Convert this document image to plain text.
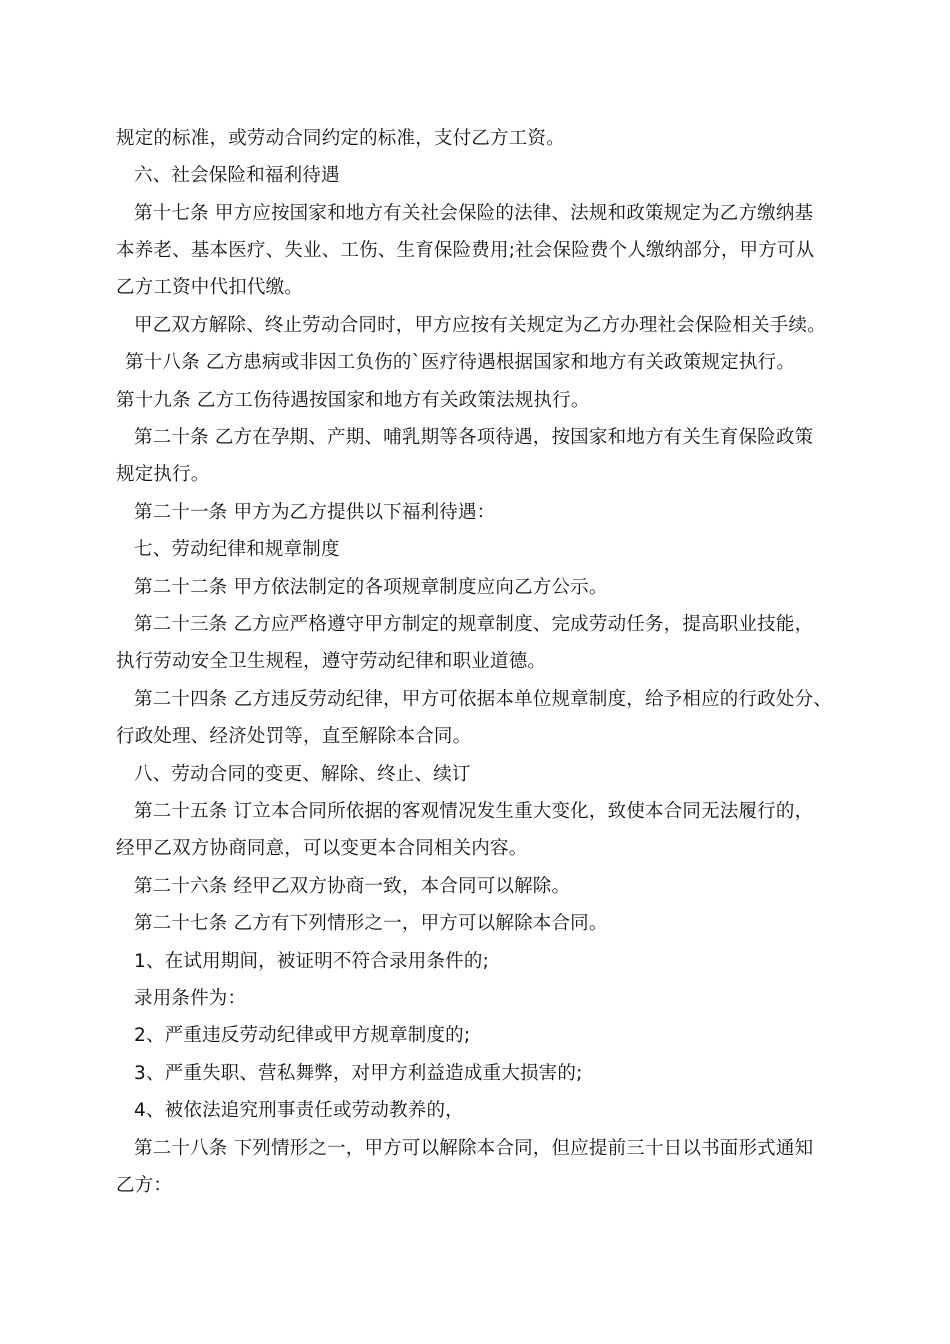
规定的标准，或劳动合同约定的标准，支付乙方工资。
六、社会保险和福利待遇
第十七条 甲方应按国家和地方有关社会保险的法律、法规和政策规定为乙方缴纳基
本养老、基本医疗、失业、工伤、生育保险费用;社会保险费个人缴纳部分，甲方可从
乙方工资中代扣代缴。
甲乙双方解除、终止劳动合同时，甲方应按有关规定为乙方办理社会保险相关手续。
第十八条 乙方患病或非因工负伤的`医疗待遇根据国家和地方有关政策规定执行。
第十九条 乙方工伤待遇按国家和地方有关政策法规执行。
第二十条 乙方在孕期、产期、哺乳期等各项待遇，按国家和地方有关生育保险政策
规定执行。
第二十一条 甲方为乙方提供以下福利待遇：
七、劳动纪律和规章制度
第二十二条 甲方依法制定的各项规章制度应向乙方公示。
第二十三条 乙方应严格遵守甲方制定的规章制度、完成劳动任务，提高职业技能，
执行劳动安全卫生规程，遵守劳动纪律和职业道德。
第二十四条 乙方违反劳动纪律，甲方可依据本单位规章制度，给予相应的行政处分、
行政处理、经济处罚等，直至解除本合同。
八、劳动合同的变更、解除、终止、续订
第二十五条 订立本合同所依据的客观情况发生重大变化，致使本合同无法履行的，
经甲乙双方协商同意，可以变更本合同相关内容。
第二十六条 经甲乙双方协商一致，本合同可以解除。
第二十七条 乙方有下列情形之一，甲方可以解除本合同。
1、在试用期间，被证明不符合录用条件的;
录用条件为：
2、严重违反劳动纪律或甲方规章制度的;
3、严重失职、营私舞弊，对甲方利益造成重大损害的;
4、被依法追究刑事责任或劳动教养的，
第二十八条 下列情形之一，甲方可以解除本合同，但应提前三十日以书面形式通知
乙方：
